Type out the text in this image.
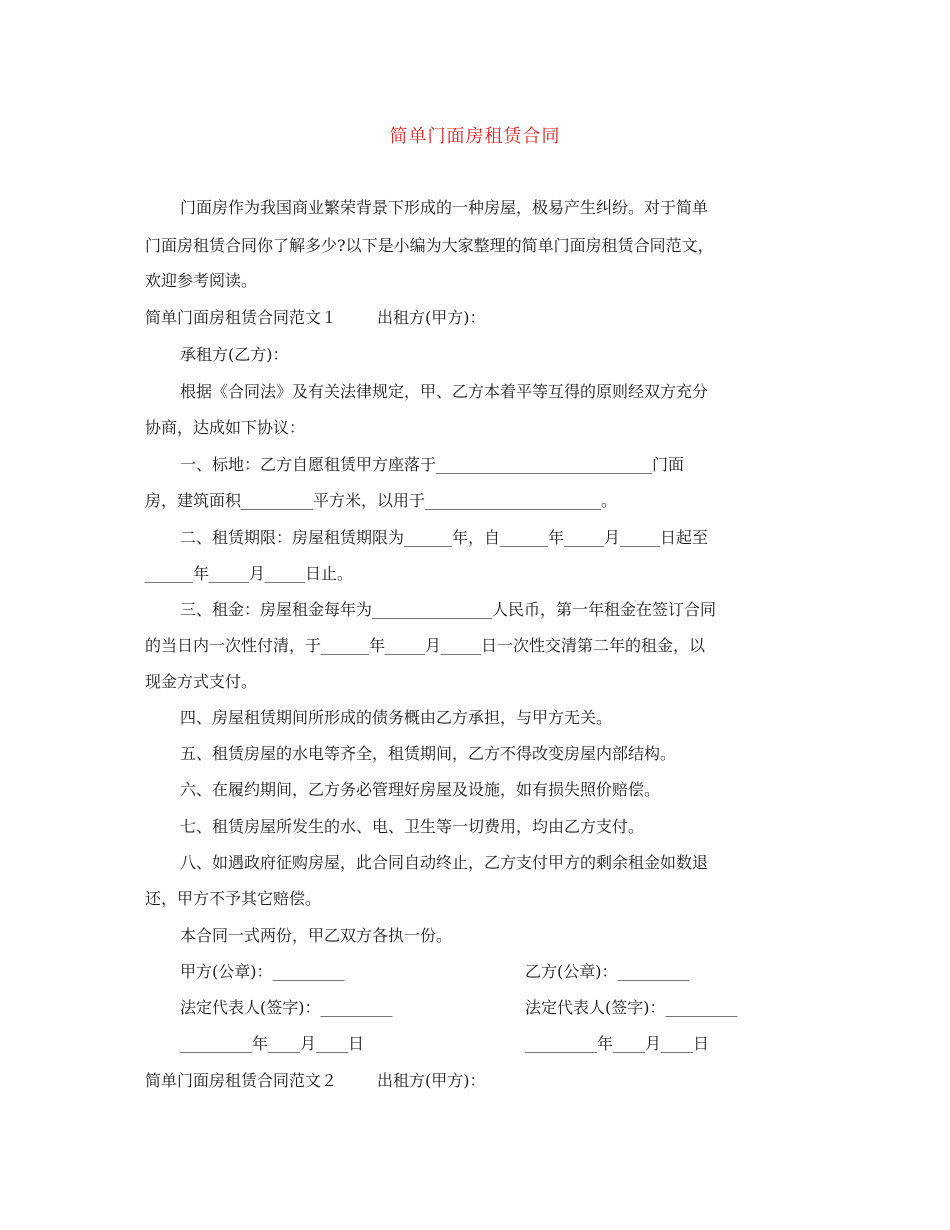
简单门面房租赁合同
门面房作为我国商业繁荣背景下形成的一种房屋，极易产生纠纷。对于简单
门面房租赁合同你了解多少?以下是小编为大家整理的简单门面房租赁合同范文，
欢迎参考阅读。
简单门面房租赁合同范文１	出租方(甲方)：
承租方(乙方)：
根据《合同法》及有关法律规定，甲、乙方本着平等互得的原则经双方充分
协商，达成如下协议：
一、标地：乙方自愿租赁甲方座落于___________________________门面
房，建筑面积_________平方米，以用于______________________。
二、租赁期限：房屋租赁期限为______年，自______年_____月_____日起至
______年_____月_____日止。
三、租金：房屋租金每年为_______________人民币，第一年租金在签订合同
的当日内一次性付清，于______年_____月_____日一次性交清第二年的租金，以
现金方式支付。
四、房屋租赁期间所形成的债务概由乙方承担，与甲方无关。
五、租赁房屋的水电等齐全，租赁期间，乙方不得改变房屋内部结构。
六、在履约期间，乙方务必管理好房屋及设施，如有损失照价赔偿。
七、租赁房屋所发生的水、电、卫生等一切费用，均由乙方支付。
八、如遇政府征购房屋，此合同自动终止，乙方支付甲方的剩余租金如数退
还，甲方不予其它赔偿。
本合同一式两份，甲乙双方各执一份。
甲方(公章)：_________	乙方(公章)：_________
法定代表人(签字)：_________	法定代表人(签字)：_________
_________年____月____日	_________年____月____日
简单门面房租赁合同范文２	出租方(甲方)：
